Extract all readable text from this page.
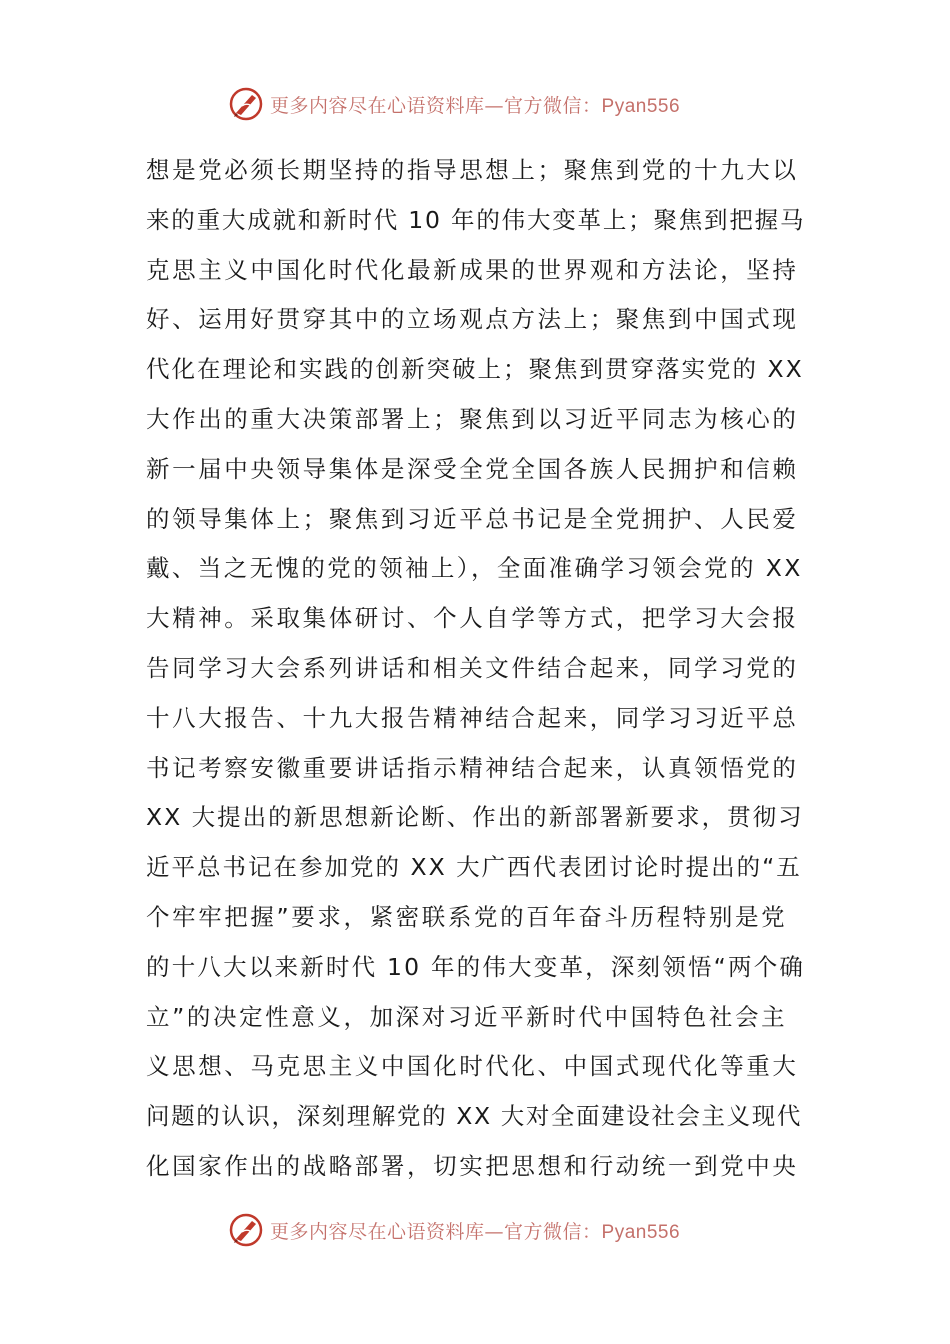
更多内容尽在心语资料库—官方微信：Pyan556
想是党必须长期坚持的指导思想上；聚焦到党的十九大以
来的重大成就和新时代 10 年的伟大变革上；聚焦到把握马
克思主义中国化时代化最新成果的世界观和方法论，坚持
好、运用好贯穿其中的立场观点方法上；聚焦到中国式现
代化在理论和实践的创新突破上；聚焦到贯穿落实党的 XX
大作出的重大决策部署上；聚焦到以习近平同志为核心的
新一届中央领导集体是深受全党全国各族人民拥护和信赖
的领导集体上；聚焦到习近平总书记是全党拥护、人民爱
戴、当之无愧的党的领袖上），全面准确学习领会党的 XX
大精神。采取集体研讨、个人自学等方式，把学习大会报
告同学习大会系列讲话和相关文件结合起来，同学习党的
十八大报告、十九大报告精神结合起来，同学习习近平总
书记考察安徽重要讲话指示精神结合起来，认真领悟党的
XX 大提出的新思想新论断、作出的新部署新要求，贯彻习
近平总书记在参加党的 XX 大广西代表团讨论时提出的“五
个牢牢把握”要求，紧密联系党的百年奋斗历程特别是党
的十八大以来新时代 10 年的伟大变革，深刻领悟“两个确
立”的决定性意义，加深对习近平新时代中国特色社会主
义思想、马克思主义中国化时代化、中国式现代化等重大
问题的认识，深刻理解党的 XX 大对全面建设社会主义现代
化国家作出的战略部署，切实把思想和行动统一到党中央
更多内容尽在心语资料库—官方微信：Pyan556
